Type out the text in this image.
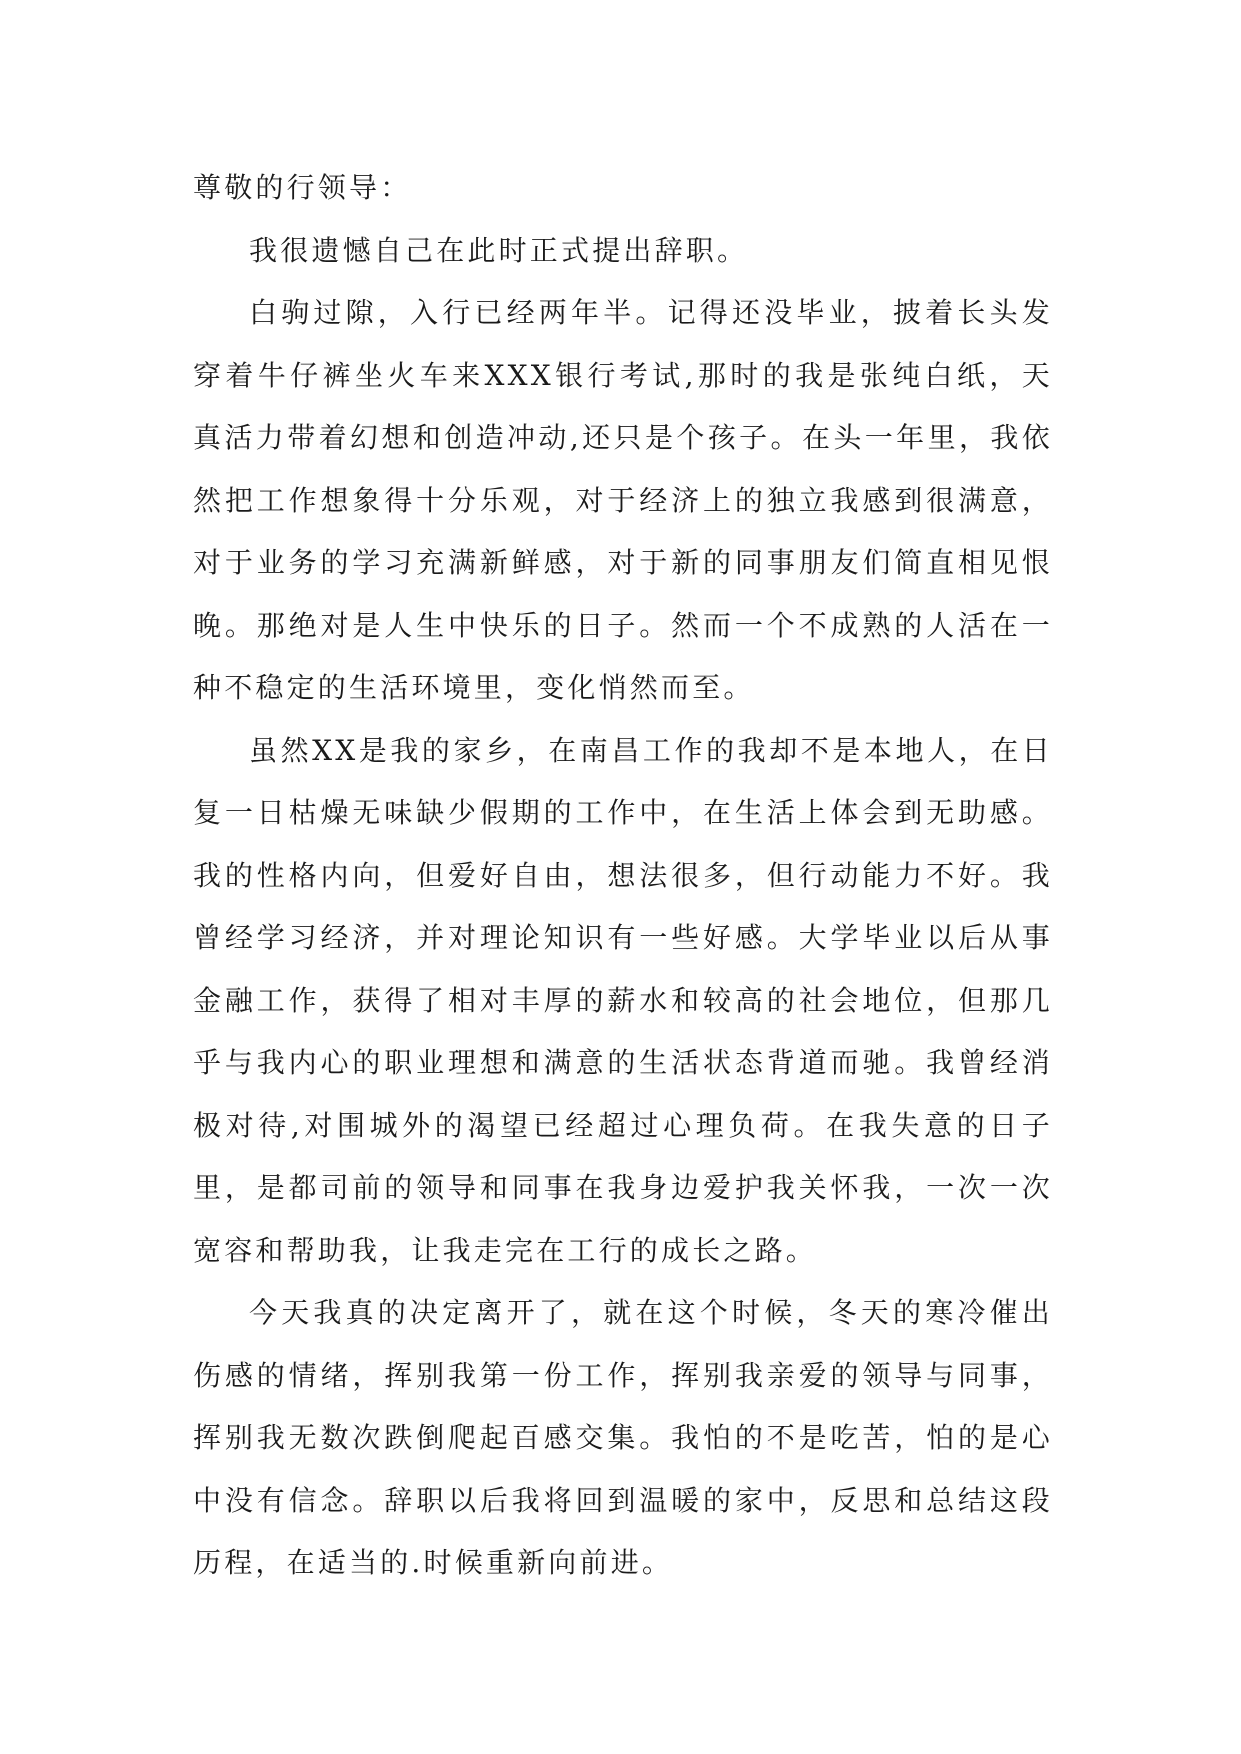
尊敬的行领导：

我很遗憾自己在此时正式提出辞职。

白驹过隙，入行已经两年半。记得还没毕业，披着长头发穿着牛仔裤坐火车来XXX银行考试,那时的我是张纯白纸，天真活力带着幻想和创造冲动,还只是个孩子。在头一年里，我依然把工作想象得十分乐观，对于经济上的独立我感到很满意，对于业务的学习充满新鲜感，对于新的同事朋友们简直相见恨晚。那绝对是人生中快乐的日子。然而一个不成熟的人活在一种不稳定的生活环境里，变化悄然而至。

虽然XX是我的家乡，在南昌工作的我却不是本地人，在日复一日枯燥无味缺少假期的工作中，在生活上体会到无助感。我的性格内向，但爱好自由，想法很多，但行动能力不好。我曾经学习经济，并对理论知识有一些好感。大学毕业以后从事金融工作，获得了相对丰厚的薪水和较高的社会地位，但那几乎与我内心的职业理想和满意的生活状态背道而驰。我曾经消极对待,对围城外的渴望已经超过心理负荷。在我失意的日子里，是都司前的领导和同事在我身边爱护我关怀我，一次一次宽容和帮助我，让我走完在工行的成长之路。

今天我真的决定离开了，就在这个时候，冬天的寒冷催出伤感的情绪，挥别我第一份工作，挥别我亲爱的领导与同事，挥别我无数次跌倒爬起百感交集。我怕的不是吃苦，怕的是心中没有信念。辞职以后我将回到温暖的家中，反思和总结这段历程，在适当的.时候重新向前进。
